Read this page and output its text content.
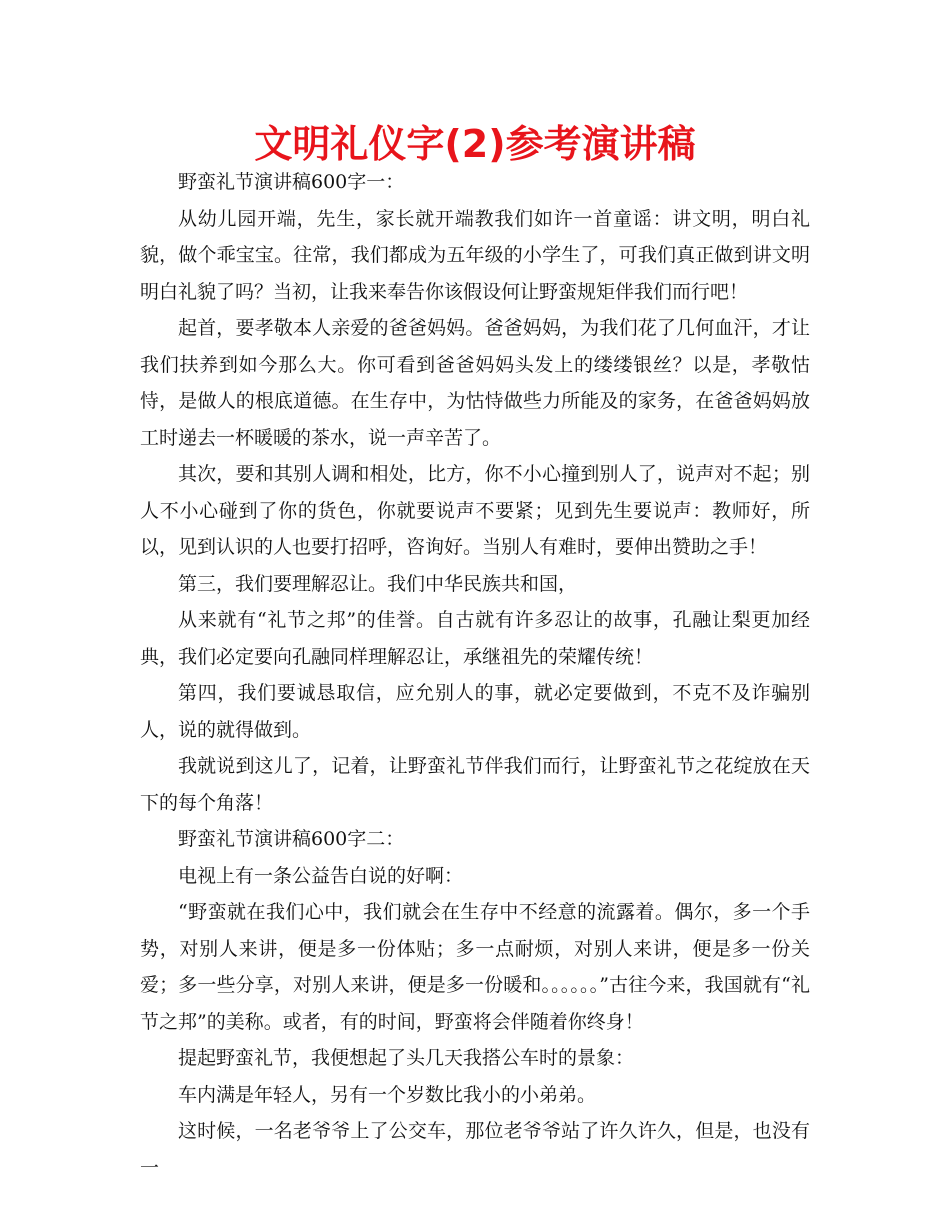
文明礼仪字(2)参考演讲稿

野蛮礼节演讲稿600字一：

从幼儿园开端，先生，家长就开端教我们如许一首童谣：讲文明，明白礼貌，做个乖宝宝。往常，我们都成为五年级的小学生了，可我们真正做到讲文明明白礼貌了吗？当初，让我来奉告你该假设何让野蛮规矩伴我们而行吧！

起首，要孝敬本人亲爱的爸爸妈妈。爸爸妈妈，为我们花了几何血汗，才让我们扶养到如今那么大。你可看到爸爸妈妈头发上的缕缕银丝？以是，孝敬怙恃，是做人的根底道德。在生存中，为怙恃做些力所能及的家务，在爸爸妈妈放工时递去一杯暖暖的茶水，说一声辛苦了。

其次，要和其别人调和相处，比方，你不小心撞到别人了，说声对不起；别人不小心碰到了你的货色，你就要说声不要紧；见到先生要说声：教师好，所以，见到认识的人也要打招呼，咨询好。当别人有难时，要伸出赞助之手！

第三，我们要理解忍让。我们中华民族共和国，

从来就有“礼节之邦”的佳誉。自古就有许多忍让的故事，孔融让梨更加经典，我们必定要向孔融同样理解忍让，承继祖先的荣耀传统！

第四，我们要诚恳取信，应允别人的事，就必定要做到，不克不及诈骗别人，说的就得做到。

我就说到这儿了，记着，让野蛮礼节伴我们而行，让野蛮礼节之花绽放在天下的每个角落！

野蛮礼节演讲稿600字二：

电视上有一条公益告白说的好啊：

“野蛮就在我们心中，我们就会在生存中不经意的流露着。偶尔，多一个手势，对别人来讲，便是多一份体贴；多一点耐烦，对别人来讲，便是多一份关爱；多一些分享，对别人来讲，便是多一份暖和。。。。。。”古往今来，我国就有“礼节之邦”的美称。或者，有的时间，野蛮将会伴随着你终身！

提起野蛮礼节，我便想起了头几天我搭公车时的景象：

车内满是年轻人，另有一个岁数比我小的小弟弟。

这时候，一名老爷爷上了公交车，那位老爷爷站了许久许久，但是，也没有一
